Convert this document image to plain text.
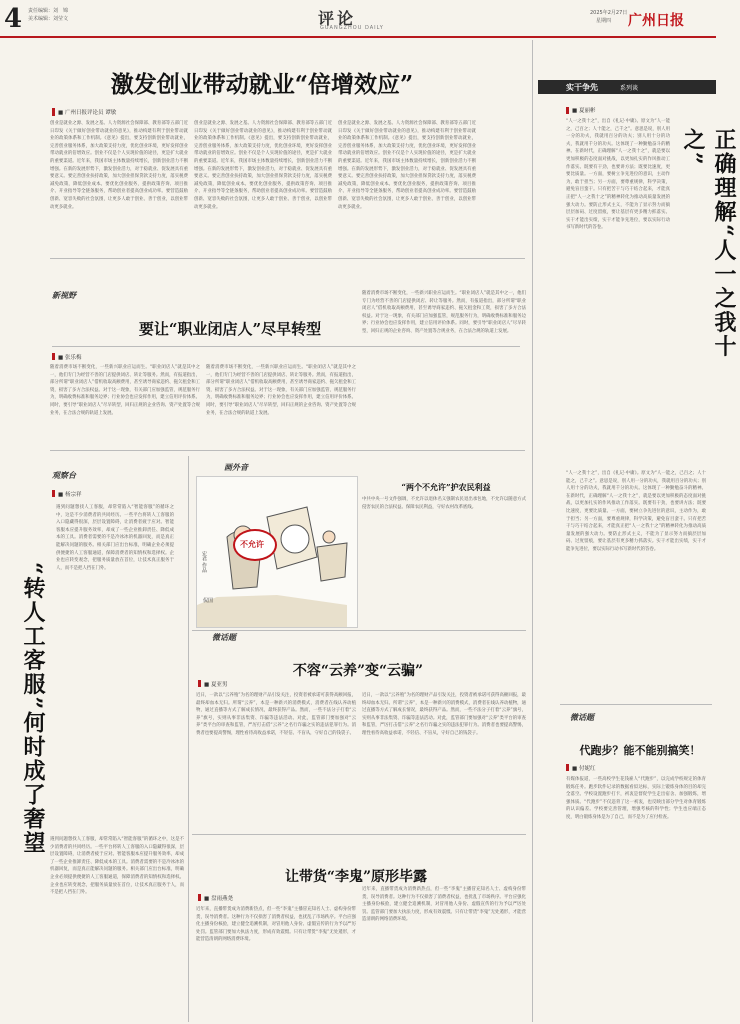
4 责任编辑：刘　锦
美术编辑：刘莹文	评论
GUANGZHOU DAILY
2025年2月27日
星期四 广州日报
激发创业带动就业“倍增效应”
■ 广州日报评论员 谭敏
创业是就业之源、发展之基。人力资源社会保障部、教育部等五部门近日印发《关于做好创业带动就业的意见》，推动构建有利于创业带动就业的政策体系和工作机制。《意见》提出，要支持创新创业带动就业，完善创业服务体系，加大政策支持力度，优化创业环境，更好发挥创业带动就业的倍增效应。创业不仅是个人实现价值的途径，更是扩大就业的重要渠道。近年来，我国市场主体数量持续增长，创新创业活力不断增强。在新的发展形势下，激发创业活力，对于稳就业、促发展具有重要意义。要完善创业扶持政策，加大创业担保贷款支持力度，落实税费减免政策，降低创业成本。要优化创业服务，提供政策咨询、项目推介、开业指导等全链条服务，帮助创业者提高创业成功率。要营造鼓励创新、宽容失败的社会氛围，让更多人敢于创业、善于创业，以创业带动更多就业。
创业是就业之源、发展之基。人力资源社会保障部、教育部等五部门近日印发《关于做好创业带动就业的意见》，推动构建有利于创业带动就业的政策体系和工作机制。《意见》提出，要支持创新创业带动就业，完善创业服务体系，加大政策支持力度，优化创业环境，更好发挥创业带动就业的倍增效应。创业不仅是个人实现价值的途径，更是扩大就业的重要渠道。近年来，我国市场主体数量持续增长，创新创业活力不断增强。在新的发展形势下，激发创业活力，对于稳就业、促发展具有重要意义。要完善创业扶持政策，加大创业担保贷款支持力度，落实税费减免政策，降低创业成本。要优化创业服务，提供政策咨询、项目推介、开业指导等全链条服务，帮助创业者提高创业成功率。要营造鼓励创新、宽容失败的社会氛围，让更多人敢于创业、善于创业，以创业带动更多就业。
创业是就业之源、发展之基。人力资源社会保障部、教育部等五部门近日印发《关于做好创业带动就业的意见》，推动构建有利于创业带动就业的政策体系和工作机制。《意见》提出，要支持创新创业带动就业，完善创业服务体系，加大政策支持力度，优化创业环境，更好发挥创业带动就业的倍增效应。创业不仅是个人实现价值的途径，更是扩大就业的重要渠道。近年来，我国市场主体数量持续增长，创新创业活力不断增强。在新的发展形势下，激发创业活力，对于稳就业、促发展具有重要意义。要完善创业扶持政策，加大创业担保贷款支持力度，落实税费减免政策，降低创业成本。要优化创业服务，提供政策咨询、项目推介、开业指导等全链条服务，帮助创业者提高创业成功率。要营造鼓励创新、宽容失败的社会氛围，让更多人敢于创业、善于创业，以创业带动更多就业。
实干争先	系列谈
■ 夏丽彬
正确理解“人一之我十之”
“人一之我十之”，出自《礼记·中庸》。原文为“人一能之，己百之；人十能之，己千之”。意思是说，别人用一分的功夫，我就用百分的功夫；别人用十分的功夫，我就用千分的功夫。这体现了一种勤勉奋斗的精神。在新时代，正确理解“人一之我十之”，就是要以更加积极的态度面对挑战，以更加扎实的作风推动工作落实。既要有干劲，也要讲方法；既要比速度，更要比质量。一方面，要树立争先进位的意识，主动作为，敢于担当；另一方面，要尊重规律，科学决策，避免盲目蛮干。只有把苦干与巧干结合起来，才能真正把“人一之我十之”的精神转化为推动高质量发展的强大动力。要防止形式主义，不能为了显示努力而搞层层加码、过度留痕，要让基层有更多精力抓落实。实干才能出实绩，实干才能争先进位，要以实际行动书写新时代的答卷。
“人一之我十之”，出自《礼记·中庸》。原文为“人一能之，己百之；人十能之，己千之”。意思是说，别人用一分的功夫，我就用百分的功夫；别人用十分的功夫，我就用千分的功夫。这体现了一种勤勉奋斗的精神。在新时代，正确理解“人一之我十之”，就是要以更加积极的态度面对挑战，以更加扎实的作风推动工作落实。既要有干劲，也要讲方法；既要比速度，更要比质量。一方面，要树立争先进位的意识，主动作为，敢于担当；另一方面，要尊重规律，科学决策，避免盲目蛮干。只有把苦干与巧干结合起来，才能真正把“人一之我十之”的精神转化为推动高质量发展的强大动力。要防止形式主义，不能为了显示努力而搞层层加码、过度留痕，要让基层有更多精力抓落实。实干才能出实绩，实干才能争先进位，要以实际行动书写新时代的答卷。
新视野
要让“职业闭店人”尽早转型
■ 张乐梅
随着消费市场不断变化，一些新兴职业应运而生。“职业闭店人”就是其中之一，他们专门为经营不善的门店提供闭店、转让等服务。然而，有报道指出，部分所谓“职业闭店人”借机收取高额费用，甚至诱导商家违约、拖欠租金和工资，损害了多方合法权益。对于这一现象，有关部门应加强监管，规范服务行为，明确收费标准和服务边界；行业协会也应发挥作用，建立信用评价体系。同时，要引导“职业闭店人”尽早转型，回归正规的企业咨询、资产处置等合规业务，在合法合规的轨道上发展。
随着消费市场不断变化，一些新兴职业应运而生。“职业闭店人”就是其中之一，他们专门为经营不善的门店提供闭店、转让等服务。然而，有报道指出，部分所谓“职业闭店人”借机收取高额费用，甚至诱导商家违约、拖欠租金和工资，损害了多方合法权益。对于这一现象，有关部门应加强监管，规范服务行为，明确收费标准和服务边界；行业协会也应发挥作用，建立信用评价体系。同时，要引导“职业闭店人”尽早转型，回归正规的企业咨询、资产处置等合规业务，在合法合规的轨道上发展。
随着消费市场不断变化，一些新兴职业应运而生。“职业闭店人”就是其中之一，他们专门为经营不善的门店提供闭店、转让等服务。然而，有报道指出，部分所谓“职业闭店人”借机收取高额费用，甚至诱导商家违约、拖欠租金和工资，损害了多方合法权益。对于这一现象，有关部门应加强监管，规范服务行为，明确收费标准和服务边界；行业协会也应发挥作用，建立信用评价体系。同时，要引导“职业闭店人”尽早转型，回归正规的企业咨询、资产处置等合规业务，在合法合规的轨道上发展。
观察台
■ 杨宗祥
“转人工客服”何时成了奢望
遇到问题想找人工客服，却常常陷入“智能客服”的循环之中，这是不少消费者的共同经历。一些平台将转人工客服的入口隐藏得很深，层层设置障碍，让消费者疲于应对。智能客服本应提升服务效率，却成了一些企业推卸责任、降低成本的工具。消费者需要的不是冷冰冰的机器回复，而是真正能解决问题的服务。相关部门应出台标准，明确企业必须提供便捷的人工客服通道，保障消费者的知情权和选择权。企业也应转变观念，把服务质量放在首位，让技术真正服务于人，而不是把人挡在门外。
遇到问题想找人工客服，却常常陷入“智能客服”的循环之中，这是不少消费者的共同经历。一些平台将转人工客服的入口隐藏得很深，层层设置障碍，让消费者疲于应对。智能客服本应提升服务效率，却成了一些企业推卸责任、降低成本的工具。消费者需要的不是冷冰冰的机器回复，而是真正能解决问题的服务。相关部门应出台标准，明确企业必须提供便捷的人工客服通道，保障消费者的知情权和选择权。企业也应转变观念，把服务质量放在首位，让技术真正服务于人，而不是把人挡在门外。
画外音
不允许
宏君 作品
侃国
“两个不允许”护农民利益
中共中央一号文件强调，不允许以退休名义强制农民退出承包地，不允许以随意方式侵害农民的合法权益。保障农民利益，守好农村改革底线。
微话题
不容“云养”变“云骗”
■ 夏亚男
近日，一款以“云养殖”为名的理财产品引发关注，投资者被承诺可获得高额回报，最终却血本无归。所谓“云养”，本是一种新兴的消费模式，消费者在线认养动植物，通过直播等方式了解成长情况，最终获得产品。然而，一些不法分子打着“云养”旗号，实则从事非法集资、诈骗等违法活动。对此，监管部门要加强对“云养”类平台的审查和监管，严厉打击借“云养”之名行诈骗之实的违法犯罪行为。消费者也要提高警惕，理性看待高收益承诺，不轻信、不盲从，守好自己的钱袋子。
近日，一款以“云养殖”为名的理财产品引发关注，投资者被承诺可获得高额回报，最终却血本无归。所谓“云养”，本是一种新兴的消费模式，消费者在线认养动植物，通过直播等方式了解成长情况，最终获得产品。然而，一些不法分子打着“云养”旗号，实则从事非法集资、诈骗等违法活动。对此，监管部门要加强对“云养”类平台的审查和监管，严厉打击借“云养”之名行诈骗之实的违法犯罪行为。消费者也要提高警惕，理性看待高收益承诺，不轻信、不盲从，守好自己的钱袋子。
让带货“李鬼”原形毕露
■ 盘雨燕尧
近年来，直播带货成为消费新热点，但一些“李鬼”主播冒充知名人士、虚构身份带货，误导消费者。这种行为不仅损害了消费者权益，也扰乱了市场秩序。平台应强化主播身份核验，建立健全追溯机制，对冒用他人身份、虚假宣传的行为予以严厉处罚。监管部门要加大执法力度，形成有效震慑。只有让带货“李鬼”无处遁形，才能营造清朗的网络消费环境。
近年来，直播带货成为消费新热点，但一些“李鬼”主播冒充知名人士、虚构身份带货，误导消费者。这种行为不仅损害了消费者权益，也扰乱了市场秩序。平台应强化主播身份核验，建立健全追溯机制，对冒用他人身份、虚假宣传的行为予以严厉处罚。监管部门要加大执法力度，形成有效震慑。只有让带货“李鬼”无处遁形，才能营造清朗的网络消费环境。
微话题
代跑步？能不能别搞笑！
■ 付妮红
有媒体报道，一些高校学生花钱雇人“代跑步”，以完成学校规定的体育锻炼任务。跑步软件记录的数据看似达标，实际上锻炼身体的目的却完全落空。学校设置跑步打卡，初衷是督促学生走出宿舍、加强锻炼，增强体质。“代跑步”不仅违背了这一初衷，也反映出部分学生对体育锻炼的认识偏差。学校要完善管理，增强考核的科学性；学生也应端正态度，明白锻炼身体是为了自己，而不是为了应付检查。
